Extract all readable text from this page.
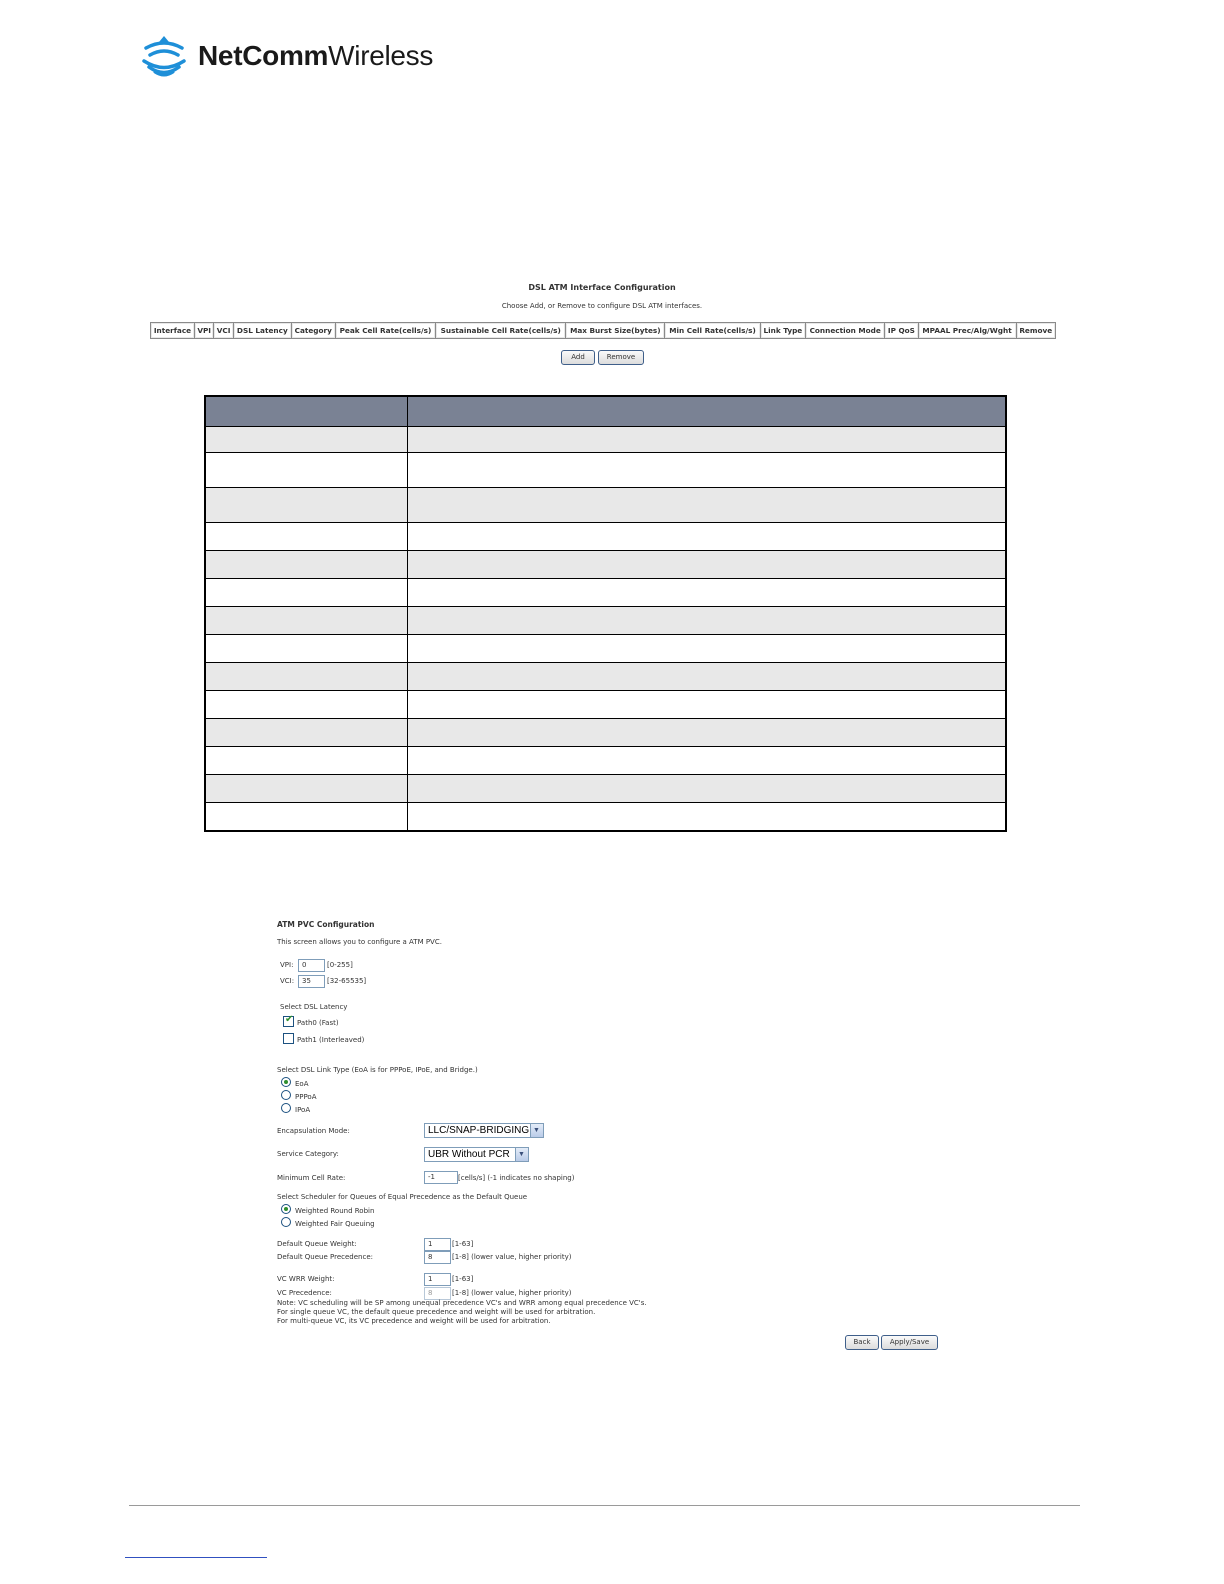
NetCommWireless
DSL ATM Interface Configuration
Choose Add, or Remove to configure DSL ATM interfaces.
Interface	VPI	VCI	DSL Latency	Category	Peak Cell Rate(cells/s)	Sustainable Cell Rate(cells/s)	Max Burst Size(bytes)	Min Cell Rate(cells/s)	Link Type	Connection Mode	IP QoS	MPAAL Prec/Alg/Wght	Remove
Add	Remove

ATM PVC Configuration
This screen allows you to configure a ATM PVC.
VPI:	0	[0-255]
VCI:	35	[32-65535]
Select DSL Latency
✔ Path0 (Fast)
Path1 (Interleaved)
Select DSL Link Type (EoA is for PPPoE, IPoE, and Bridge.)
EoA
PPPoA
IPoA
Encapsulation Mode:	LLC/SNAP-BRIDGING
▼
Service Category:	UBR Without PCR
▼
Minimum Cell Rate:	-1	[cells/s] (-1 indicates no shaping)
Select Scheduler for Queues of Equal Precedence as the Default Queue
Weighted Round Robin
Weighted Fair Queuing
Default Queue Weight:	1	[1-63]
Default Queue Precedence:	8	[1-8] (lower value, higher priority)
VC WRR Weight:	1	[1-63]
VC Precedence:	8	[1-8] (lower value, higher priority)
Note: VC scheduling will be SP among unequal precedence VC's and WRR among equal precedence VC's.
For single queue VC, the default queue precedence and weight will be used for arbitration.
For multi-queue VC, its VC precedence and weight will be used for arbitration.
Back	Apply/Save
